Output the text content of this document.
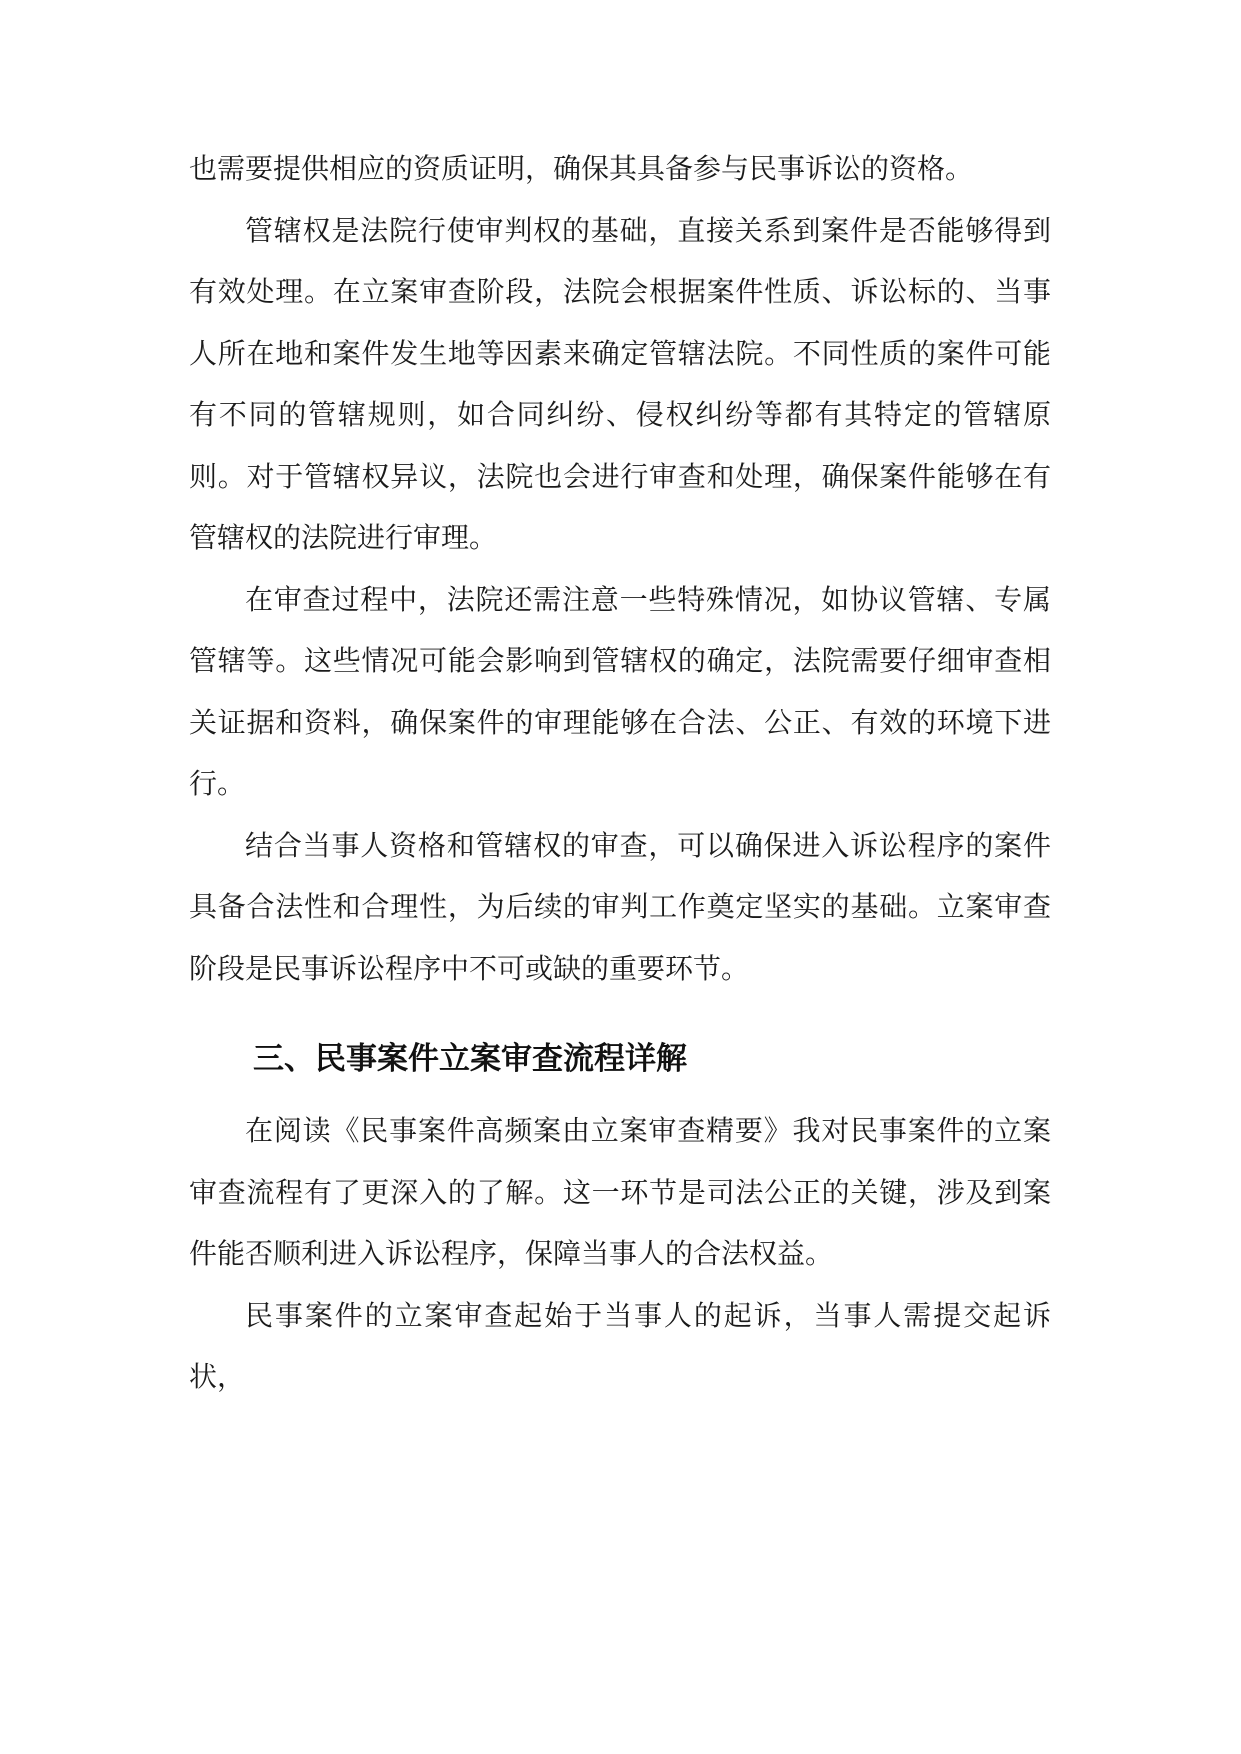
也需要提供相应的资质证明，确保其具备参与民事诉讼的资格。

管辖权是法院行使审判权的基础，直接关系到案件是否能够得到有效处理。在立案审查阶段，法院会根据案件性质、诉讼标的、当事人所在地和案件发生地等因素来确定管辖法院。不同性质的案件可能有不同的管辖规则，如合同纠纷、侵权纠纷等都有其特定的管辖原则。对于管辖权异议，法院也会进行审查和处理，确保案件能够在有管辖权的法院进行审理。

在审查过程中，法院还需注意一些特殊情况，如协议管辖、专属管辖等。这些情况可能会影响到管辖权的确定，法院需要仔细审查相关证据和资料，确保案件的审理能够在合法、公正、有效的环境下进行。

结合当事人资格和管辖权的审查，可以确保进入诉讼程序的案件具备合法性和合理性，为后续的审判工作奠定坚实的基础。立案审查阶段是民事诉讼程序中不可或缺的重要环节。

三、民事案件立案审查流程详解

在阅读《民事案件高频案由立案审查精要》我对民事案件的立案审查流程有了更深入的了解。这一环节是司法公正的关键，涉及到案件能否顺利进入诉讼程序，保障当事人的合法权益。

民事案件的立案审查起始于当事人的起诉，当事人需提交起诉状，
